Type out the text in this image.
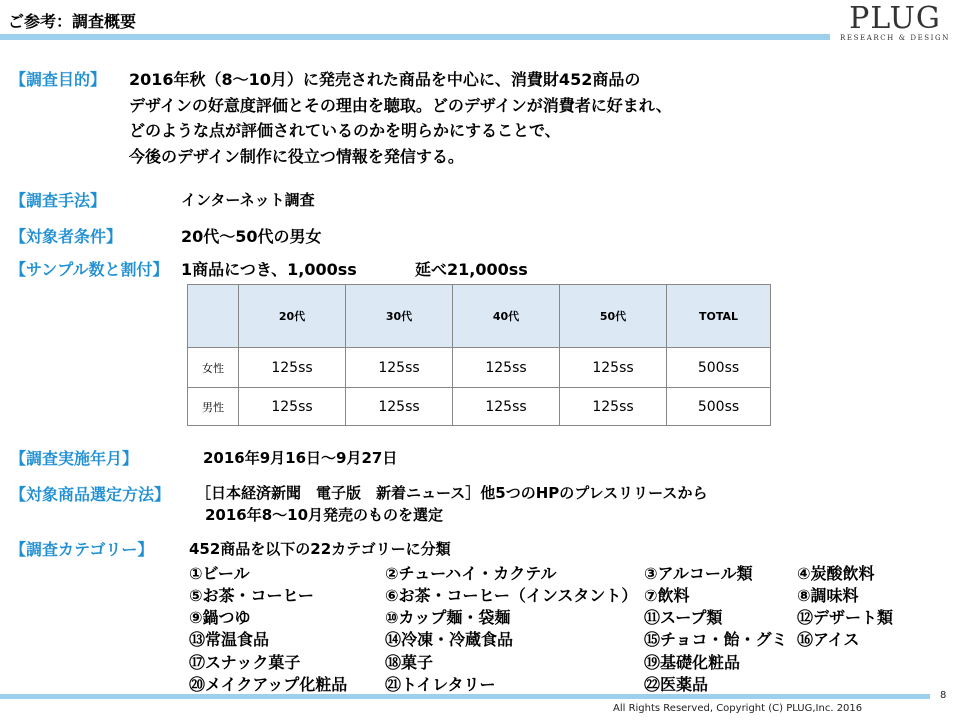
ご参考：調査概要	PLUG
RESEARCH & DESIGN
【調査目的】 2016年秋（8～10月）に発売された商品を中心に、消費財452商品の
デザインの好意度評価とその理由を聴取。どのデザインが消費者に好まれ、
どのような点が評価されているのかを明らかにすることで、
今後のデザイン制作に役立つ情報を発信する。
【調査手法】	インターネット調査
【対象者条件】	20代～50代の男女
【サンプル数と割付】 1商品につき、1,000ss	延べ21,000ss
	20代	30代	40代	50代	TOTAL
女性	125ss	125ss	125ss	125ss	500ss
男性	125ss	125ss	125ss	125ss	500ss
【調査実施年月】	2016年9月16日～9月27日
【対象商品選定方法】 ［日本経済新聞　電子版　新着ニュース］他5つのHPのプレスリリースから
2016年8～10月発売のものを選定
【調査カテゴリー】 452商品を以下の22カテゴリーに分類
①ビール	②チューハイ・カクテル	③アルコール類	④炭酸飲料
⑤お茶・コーヒー	⑥お茶・コーヒー（インスタント） ⑦飲料	⑧調味料
⑨鍋つゆ	⑩カップ麺・袋麺	⑪スープ類	⑫デザート類
⑬常温食品	⑭冷凍・冷蔵食品	⑮チョコ・飴・グミ ⑯アイス
⑰スナック菓子	⑱菓子	⑲基礎化粧品
⑳メイクアップ化粧品 ㉑トイレタリー	㉒医薬品
8
All Rights Reserved, Copyright (C) PLUG,Inc. 2016
